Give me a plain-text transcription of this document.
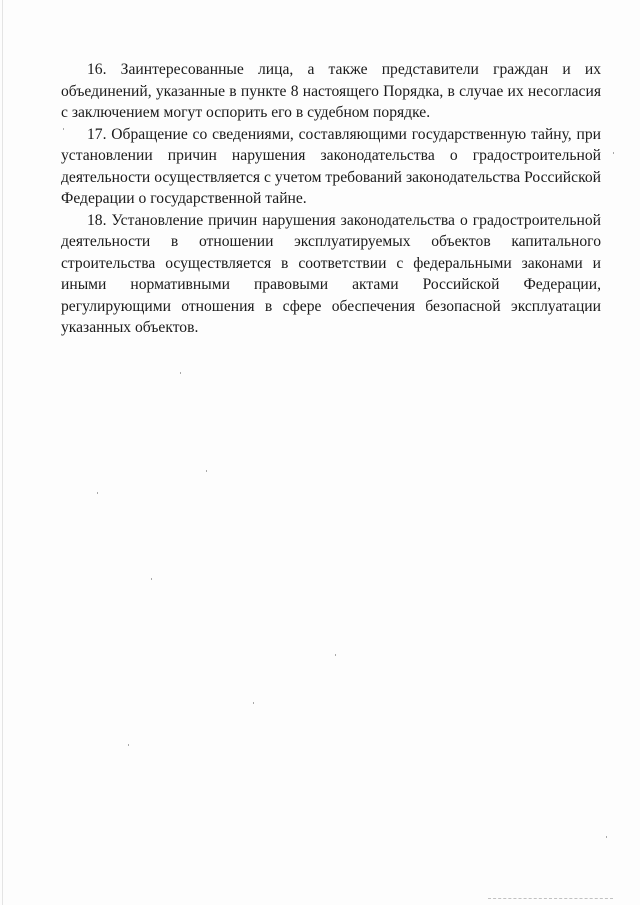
16. Заинтересованные лица, а также представители граждан и их объединений, указанные в пункте 8 настоящего Порядка, в случае их несогласия с заключением могут оспорить его в судебном порядке.

17. Обращение со сведениями, составляющими государственную тайну, при установлении причин нарушения законодательства о градостроительной деятельности осуществляется с учетом требований законодательства Российской Федерации о государственной тайне.

18. Установление причин нарушения законодательства о градостроительной деятельности в отношении эксплуатируемых объектов капитального строительства осуществляется в соответствии с федеральными законами и иными нормативными правовыми актами Российской Федерации, регулирующими отношения в сфере обеспечения безопасной эксплуатации указанных объектов.
